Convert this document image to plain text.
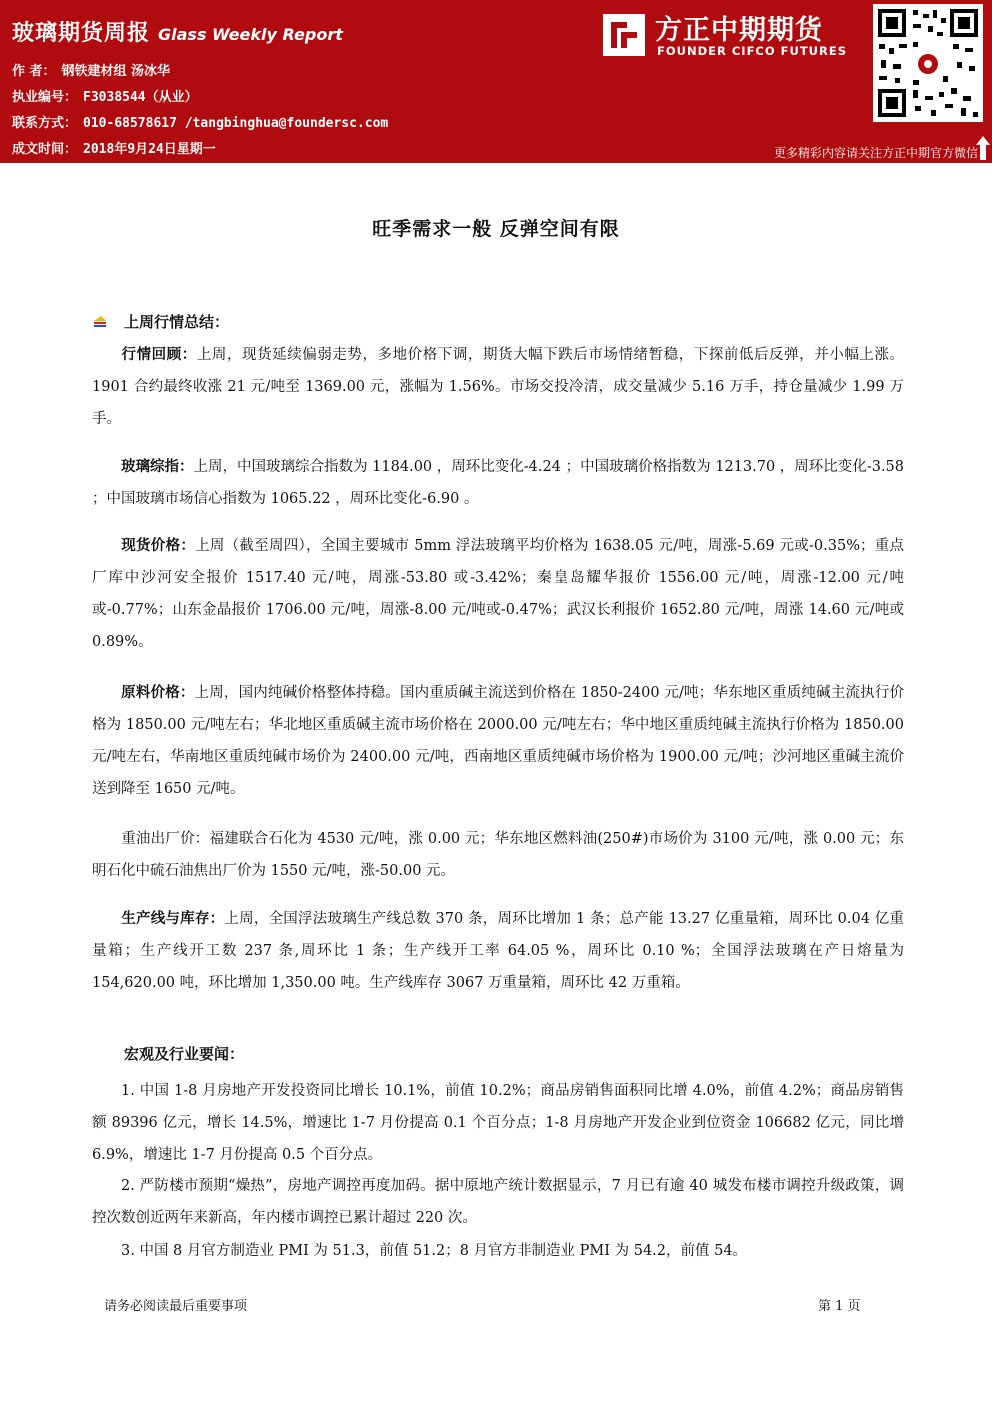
玻璃期货周报 Glass Weekly Report
作 者： 钢铁建材组 汤冰华
执业编号： F3038544（从业）
联系方式： 010-68578617 /tangbinghua@foundersc.com
成文时间： 2018年9月24日星期一
方正中期期货
FOUNDER CIFCO FUTURES
更多精彩内容请关注方正中期官方微信
旺季需求一般 反弹空间有限
上周行情总结：
行情回顾：上周，现货延续偏弱走势，多地价格下调，期货大幅下跌后市场情绪暂稳，下探前低后反弹，并小幅上涨。1901 合约最终收涨 21 元/吨至 1369.00 元，涨幅为 1.56%。市场交投冷清，成交量减少 5.16 万手，持仓量减少 1.99 万手。
玻璃综指：上周，中国玻璃综合指数为 1184.00 ，周环比变化-4.24 ；中国玻璃价格指数为 1213.70 ，周环比变化-3.58 ；中国玻璃市场信心指数为 1065.22 ，周环比变化-6.90 。
现货价格：上周（截至周四），全国主要城市 5mm 浮法玻璃平均价格为 1638.05 元/吨，周涨-5.69 元或-0.35%；重点厂库中沙河安全报价 1517.40 元/吨，周涨-53.80 或-3.42%；秦皇岛耀华报价 1556.00 元/吨，周涨-12.00 元/吨或-0.77%；山东金晶报价 1706.00 元/吨，周涨-8.00 元/吨或-0.47%；武汉长利报价 1652.80 元/吨，周涨 14.60 元/吨或 0.89%。
原料价格：上周，国内纯碱价格整体持稳。国内重质碱主流送到价格在 1850-2400 元/吨；华东地区重质纯碱主流执行价格为 1850.00 元/吨左右；华北地区重质碱主流市场价格在 2000.00 元/吨左右；华中地区重质纯碱主流执行价格为 1850.00 元/吨左右，华南地区重质纯碱市场价为 2400.00 元/吨，西南地区重质纯碱市场价格为 1900.00 元/吨；沙河地区重碱主流价送到降至 1650 元/吨。
重油出厂价：福建联合石化为 4530 元/吨，涨 0.00 元；华东地区燃料油(250#)市场价为 3100 元/吨，涨 0.00 元；东明石化中硫石油焦出厂价为 1550 元/吨，涨-50.00 元。
生产线与库存：上周，全国浮法玻璃生产线总数 370 条，周环比增加 1 条；总产能 13.27 亿重量箱，周环比 0.04 亿重量箱；生产线开工数 237 条,周环比 1 条；生产线开工率 64.05 %，周环比 0.10 %；全国浮法玻璃在产日熔量为 154,620.00 吨，环比增加 1,350.00 吨。生产线库存 3067 万重量箱，周环比 42 万重箱。
宏观及行业要闻：
1. 中国 1-8 月房地产开发投资同比增长 10.1%，前值 10.2%；商品房销售面积同比增 4.0%，前值 4.2%；商品房销售额 89396 亿元，增长 14.5%，增速比 1-7 月份提高 0.1 个百分点；1-8 月房地产开发企业到位资金 106682 亿元，同比增 6.9%，增速比 1-7 月份提高 0.5 个百分点。
2. 严防楼市预期“燥热”，房地产调控再度加码。据中原地产统计数据显示，7 月已有逾 40 城发布楼市调控升级政策，调控次数创近两年来新高，年内楼市调控已累计超过 220 次。
3. 中国 8 月官方制造业 PMI 为 51.3，前值 51.2；8 月官方非制造业 PMI 为 54.2，前值 54。
请务必阅读最后重要事项	第 1 页
